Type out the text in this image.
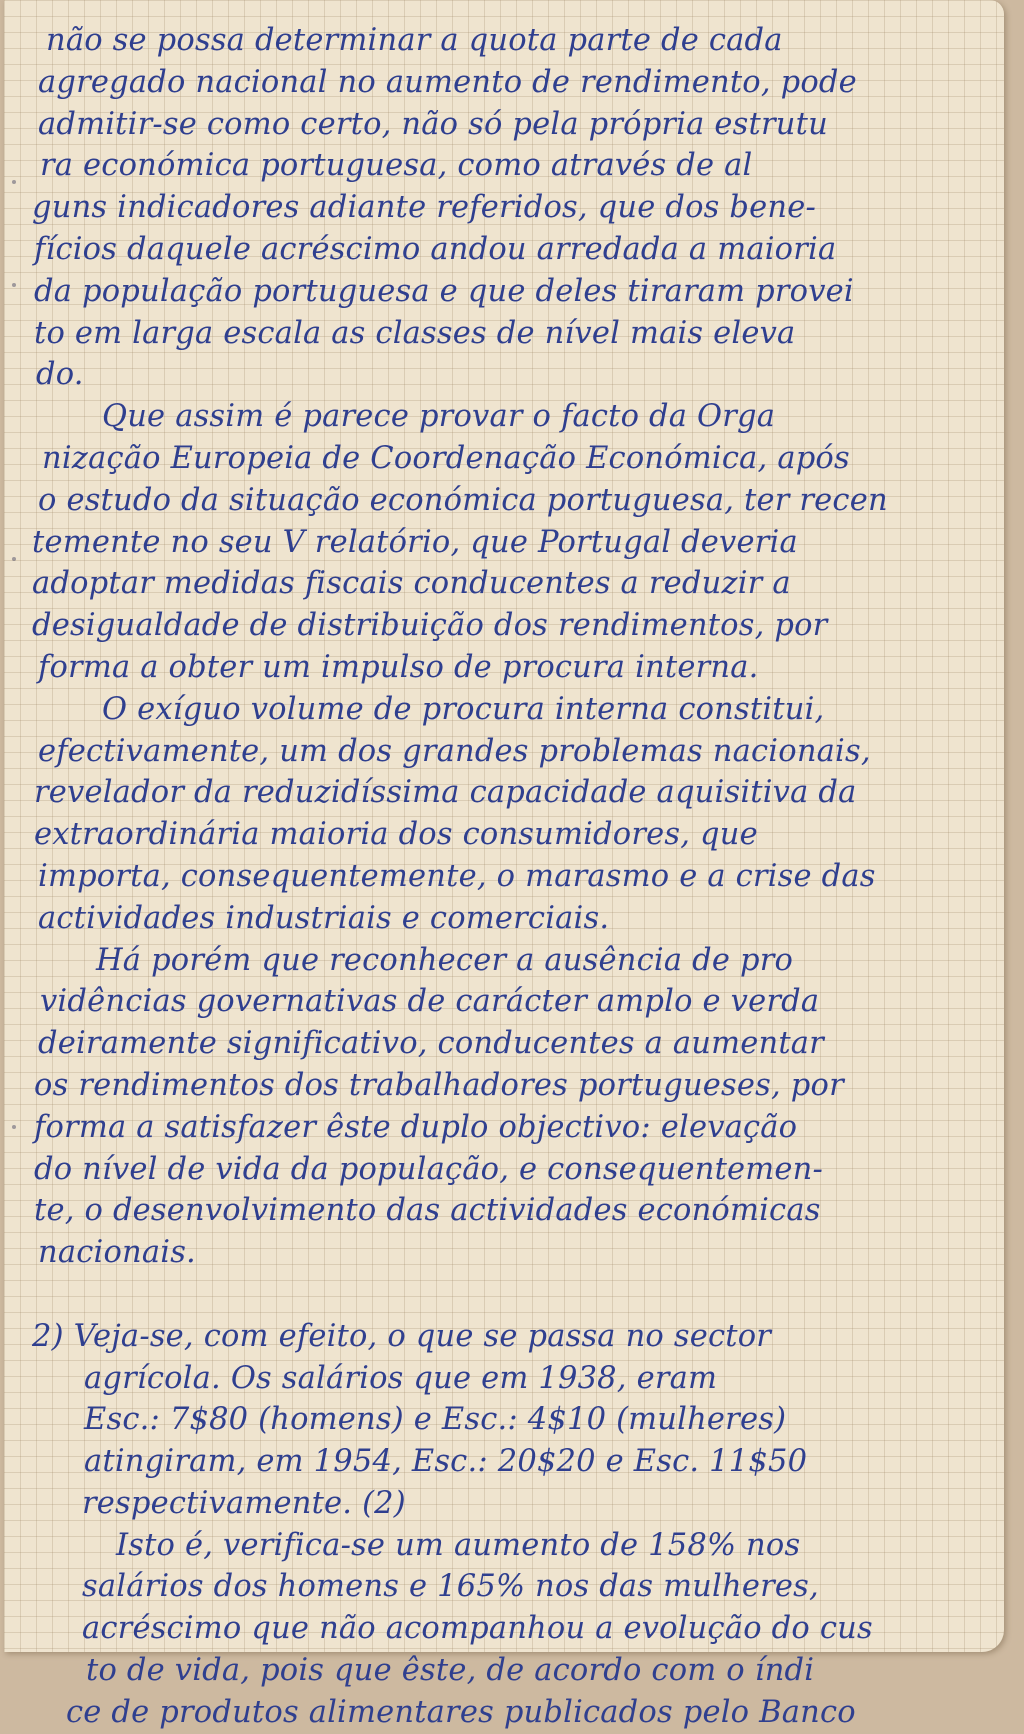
não se possa determinar a quota parte de cada
agregado nacional no aumento de rendimento, pode
admitir-se como certo, não só pela própria estrutu
ra económica portuguesa, como através de al
guns indicadores adiante referidos, que dos bene-
fícios daquele acréscimo andou arredada a maioria
da população portuguesa e que deles tiraram provei
to em larga escala as classes de nível mais eleva
do.
Que assim é parece provar o facto da Orga
nização Europeia de Coordenação Económica, após
o estudo da situação económica portuguesa, ter recen
temente no seu V relatório, que Portugal deveria
adoptar medidas fiscais conducentes a reduzir a
desigualdade de distribuição dos rendimentos, por
forma a obter um impulso de procura interna.
O exíguo volume de procura interna constitui,
efectivamente, um dos grandes problemas nacionais,
revelador da reduzidíssima capacidade aquisitiva da
extraordinária maioria dos consumidores, que
importa, consequentemente, o marasmo e a crise das
actividades industriais e comerciais.
Há porém que reconhecer a ausência de pro
vidências governativas de carácter amplo e verda
deiramente significativo, conducentes a aumentar
os rendimentos dos trabalhadores portugueses, por
forma a satisfazer êste duplo objectivo: elevação
do nível de vida da população, e consequentemen-
te, o desenvolvimento das actividades económicas
nacionais.
2) Veja-se, com efeito, o que se passa no sector
agrícola. Os salários que em 1938, eram
Esc.: 7$80 (homens) e Esc.: 4$10 (mulheres)
atingiram, em 1954, Esc.: 20$20 e Esc. 11$50
respectivamente. (2)
Isto é, verifica-se um aumento de 158% nos
salários dos homens e 165% nos das mulheres,
acréscimo que não acompanhou a evolução do cus
to de vida, pois que êste, de acordo com o índi
ce de produtos alimentares publicados pelo Banco
